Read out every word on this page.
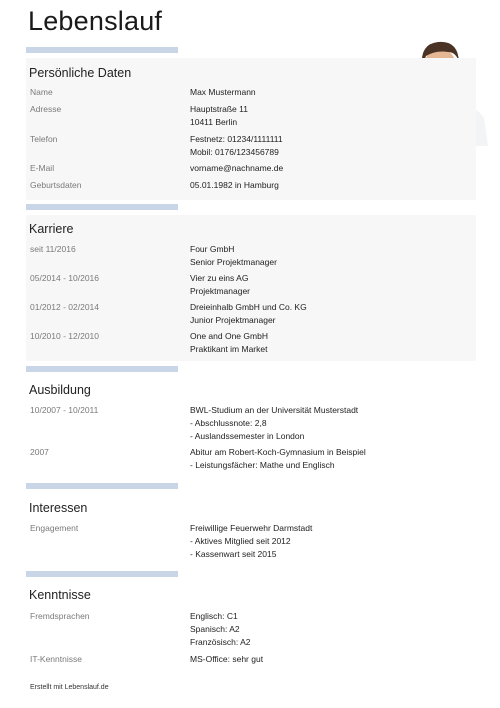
Lebenslauf
Persönliche Daten
Name	Max Mustermann
Adresse	Hauptstraße 11
10411 Berlin
Telefon	Festnetz: 01234/1111111
Mobil: 0176/123456789
E-Mail	vorname@nachname.de
Geburtsdaten	05.01.1982 in Hamburg
Karriere
seit 11/2016	Four GmbH
Senior Projektmanager
05/2014 - 10/2016	Vier zu eins AG
Projektmanager
01/2012 - 02/2014	Dreieinhalb GmbH und Co. KG
Junior Projektmanager
10/2010 - 12/2010	One and One GmbH
Praktikant im Market
Ausbildung
10/2007 - 10/2011	BWL-Studium an der Universität Musterstadt
- Abschlussnote: 2,8
- Auslandssemester in London
2007	Abitur am Robert-Koch-Gymnasium in Beispiel
- Leistungsfächer: Mathe und Englisch
Interessen
Engagement	Freiwillige Feuerwehr Darmstadt
- Aktives Mitglied seit 2012
- Kassenwart seit 2015
Kenntnisse
Fremdsprachen	Englisch: C1
Spanisch: A2
Französisch: A2
IT-Kenntnisse	MS-Office: sehr gut
Erstellt mit Lebenslauf.de
